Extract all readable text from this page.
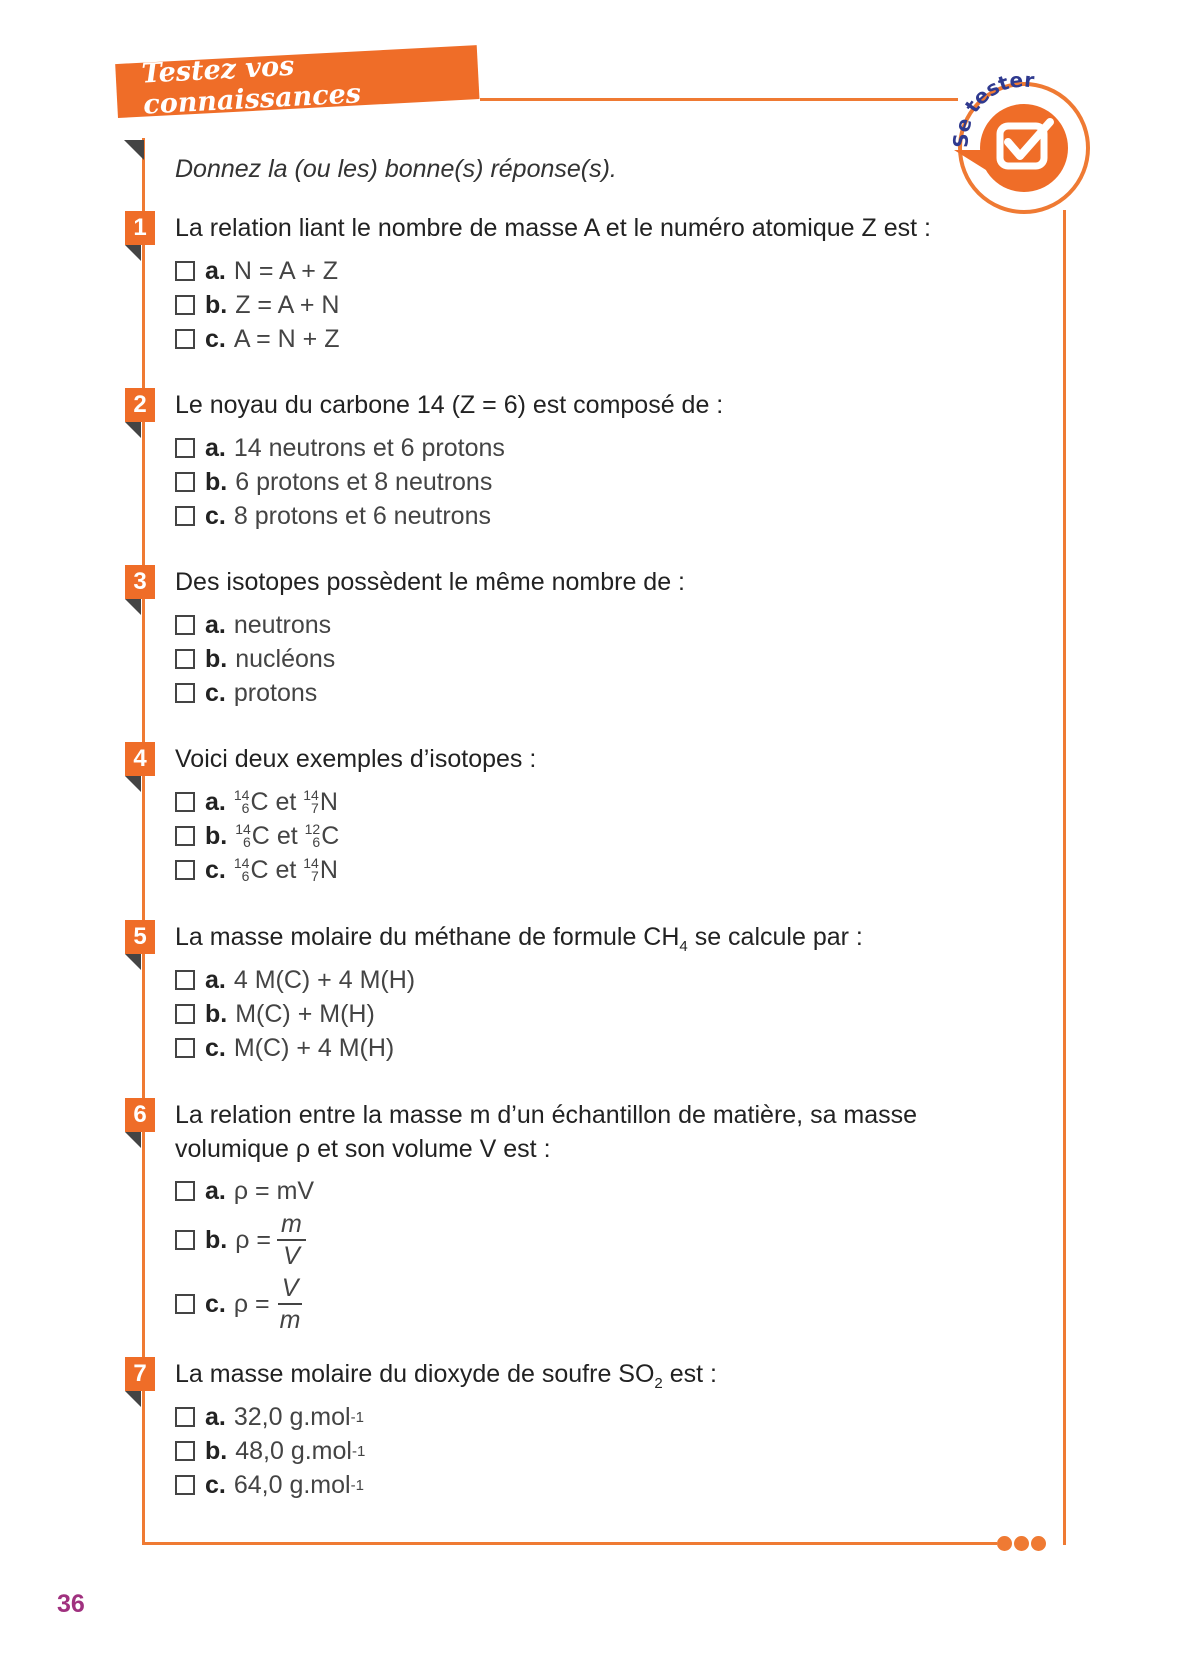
Testez vos connaissances
Se tester
Donnez la (ou les) bonne(s) réponse(s).
1	La relation liant le nombre de masse A et le numéro atomique Z est :
a. N = A + Z
b. Z = A + N
c. A = N + Z
2	Le noyau du carbone 14 (Z = 6) est composé de :
a. 14 neutrons et 6 protons
b. 6 protons et 8 neutrons
c. 8 protons et 6 neutrons
3	Des isotopes possèdent le même nombre de :
a. neutrons
b. nucléons
c. protons
4	Voici deux exemples d’isotopes :
a. 14
6 C
et
14
7 N
b. 14
6 C
et
12
6 C
c. 14
6 C
et
14
7 N
5	La masse molaire du méthane de formule $CH_4$ se calcule par :
a. 4 M(C) + 4 M(H)
b. M(C) + M(H)
c. M(C) + 4 M(H)
6	La relation entre la masse m d’un échantillon de matière, sa masse volumique ρ et son volume V est :
a. ρ = mV
b. $\rho = \frac{m}{V}$
c. $\rho = \frac{V}{m}$
7	La masse molaire du dioxyde de soufre $SO_2$ est :
a. 32,0 g.mol -1
b. 48,0 g.mol -1
c. 64,0 g.mol -1
36
